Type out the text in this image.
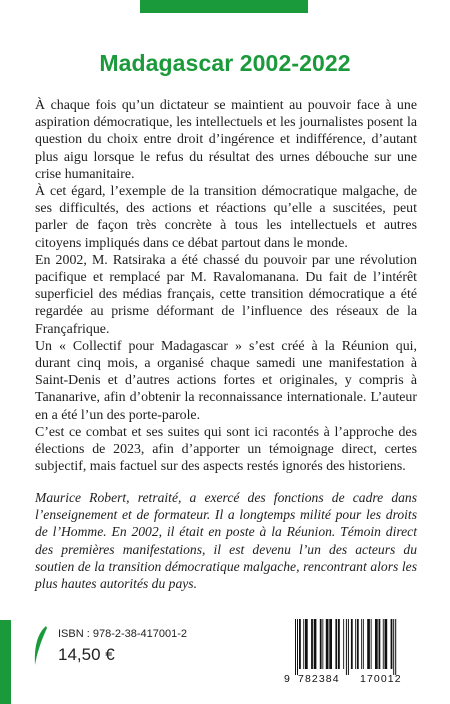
Madagascar 2002-2022

À chaque fois qu’un dictateur se maintient au pouvoir face à une aspiration démocratique, les intellectuels et les journalistes posent la question du choix entre droit d’ingérence et indifférence, d’autant plus aigu lorsque le refus du résultat des urnes débouche sur une crise humanitaire.

À cet égard, l’exemple de la transition démocratique malgache, de ses difficultés, des actions et réactions qu’elle a suscitées, peut parler de façon très concrète à tous les intellectuels et autres citoyens impliqués dans ce débat partout dans le monde.

En 2002, M. Ratsiraka a été chassé du pouvoir par une révolution pacifique et remplacé par M. Ravalomanana. Du fait de l’intérêt superficiel des médias français, cette transition démocratique a été regardée au prisme déformant de l’influence des réseaux de la Françafrique.

Un « Collectif pour Madagascar » s’est créé à la Réunion qui, durant cinq mois, a organisé chaque samedi une manifestation à Saint-Denis et d’autres actions fortes et originales, y compris à Tananarive, afin d’obtenir la reconnaissance internationale. L’auteur en a été l’un des porte-parole.

C’est ce combat et ses suites qui sont ici racontés à l’approche des élections de 2023, afin d’apporter un témoignage direct, certes subjectif, mais factuel sur des aspects restés ignorés des historiens.

Maurice Robert, retraité, a exercé des fonctions de cadre dans l’enseignement et de formateur. Il a longtemps milité pour les droits de l’Homme. En 2002, il était en poste à la Réunion. Témoin direct des premières manifestations, il est devenu l’un des acteurs du soutien de la transition démocratique malgache, rencontrant alors les plus hautes autorités du pays.
ISBN : 978-2-38-417001-2
14,50 €
9 782384 170012
